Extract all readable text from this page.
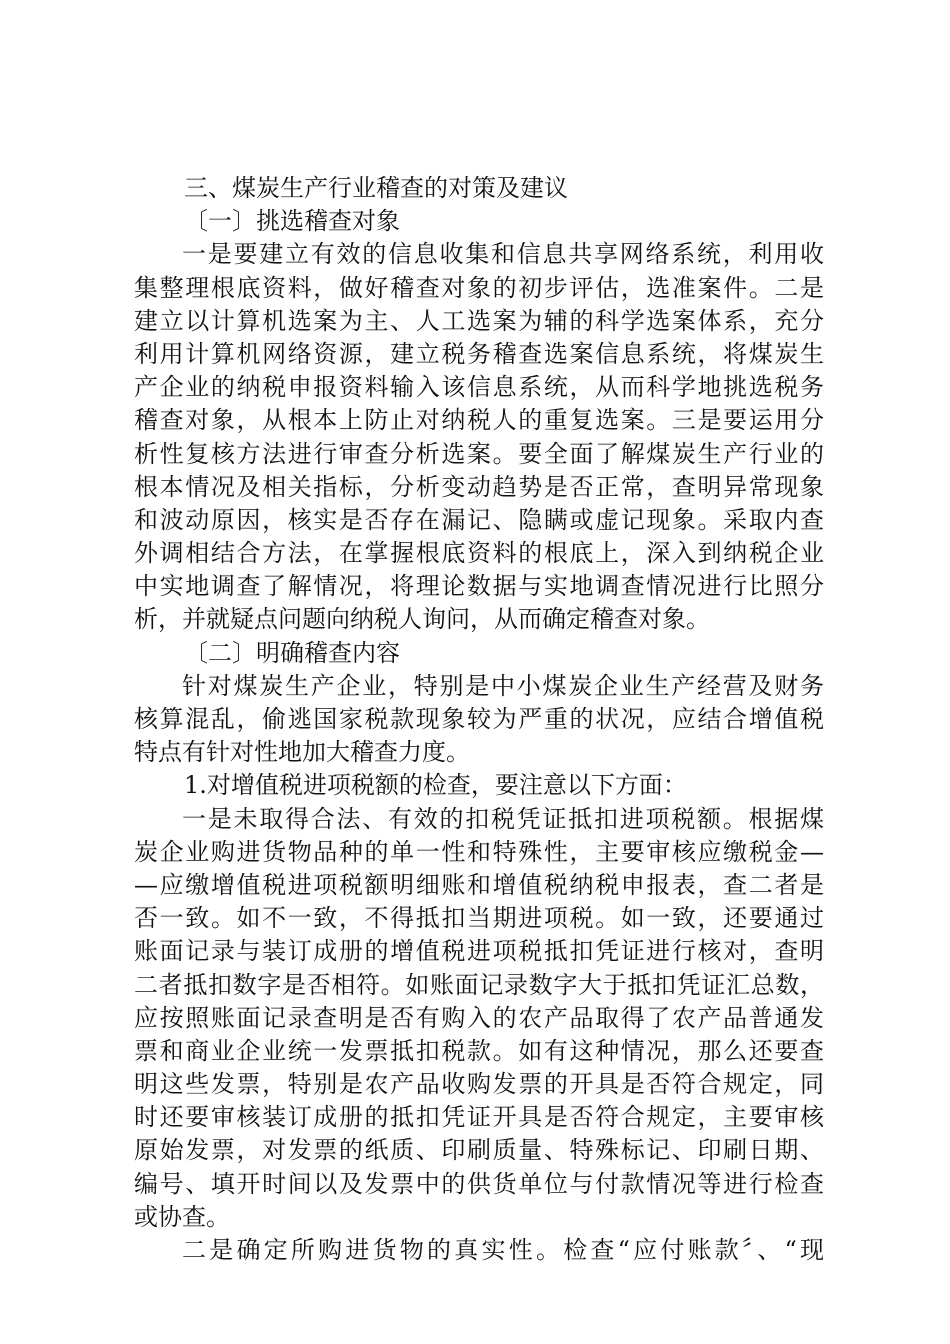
三、煤炭生产行业稽查的对策及建议
〔一〕挑选稽查对象
一是要建立有效的信息收集和信息共享网络系统，利用收
集整理根底资料，做好稽查对象的初步评估，选准案件。二是
建立以计算机选案为主、人工选案为辅的科学选案体系，充分
利用计算机网络资源，建立税务稽查选案信息系统，将煤炭生
产企业的纳税申报资料输入该信息系统，从而科学地挑选税务
稽查对象，从根本上防止对纳税人的重复选案。三是要运用分
析性复核方法进行审查分析选案。要全面了解煤炭生产行业的
根本情况及相关指标，分析变动趋势是否正常，查明异常现象
和波动原因，核实是否存在漏记、隐瞒或虚记现象。采取内查
外调相结合方法，在掌握根底资料的根底上，深入到纳税企业
中实地调查了解情况，将理论数据与实地调查情况进行比照分
析，并就疑点问题向纳税人询问，从而确定稽查对象。
〔二〕明确稽查内容
针对煤炭生产企业，特别是中小煤炭企业生产经营及财务
核算混乱，偷逃国家税款现象较为严重的状况，应结合增值税
特点有针对性地加大稽查力度。
1.对增值税进项税额的检查，要注意以下方面：
一是未取得合法、有效的扣税凭证抵扣进项税额。根据煤
炭企业购进货物品种的单一性和特殊性，主要审核应缴税金—
—应缴增值税进项税额明细账和增值税纳税申报表，查二者是
否一致。如不一致，不得抵扣当期进项税。如一致，还要通过
账面记录与装订成册的增值税进项税抵扣凭证进行核对，查明
二者抵扣数字是否相符。如账面记录数字大于抵扣凭证汇总数，
应按照账面记录查明是否有购入的农产品取得了农产品普通发
票和商业企业统一发票抵扣税款。如有这种情况，那么还要查
明这些发票，特别是农产品收购发票的开具是否符合规定，同
时还要审核装订成册的抵扣凭证开具是否符合规定，主要审核
原始发票，对发票的纸质、印刷质量、特殊标记、印刷日期、
编号、填开时间以及发票中的供货单位与付款情况等进行检查
或协查。
二是确定所购进货物的真实性。检查“应付账款〞、“现
